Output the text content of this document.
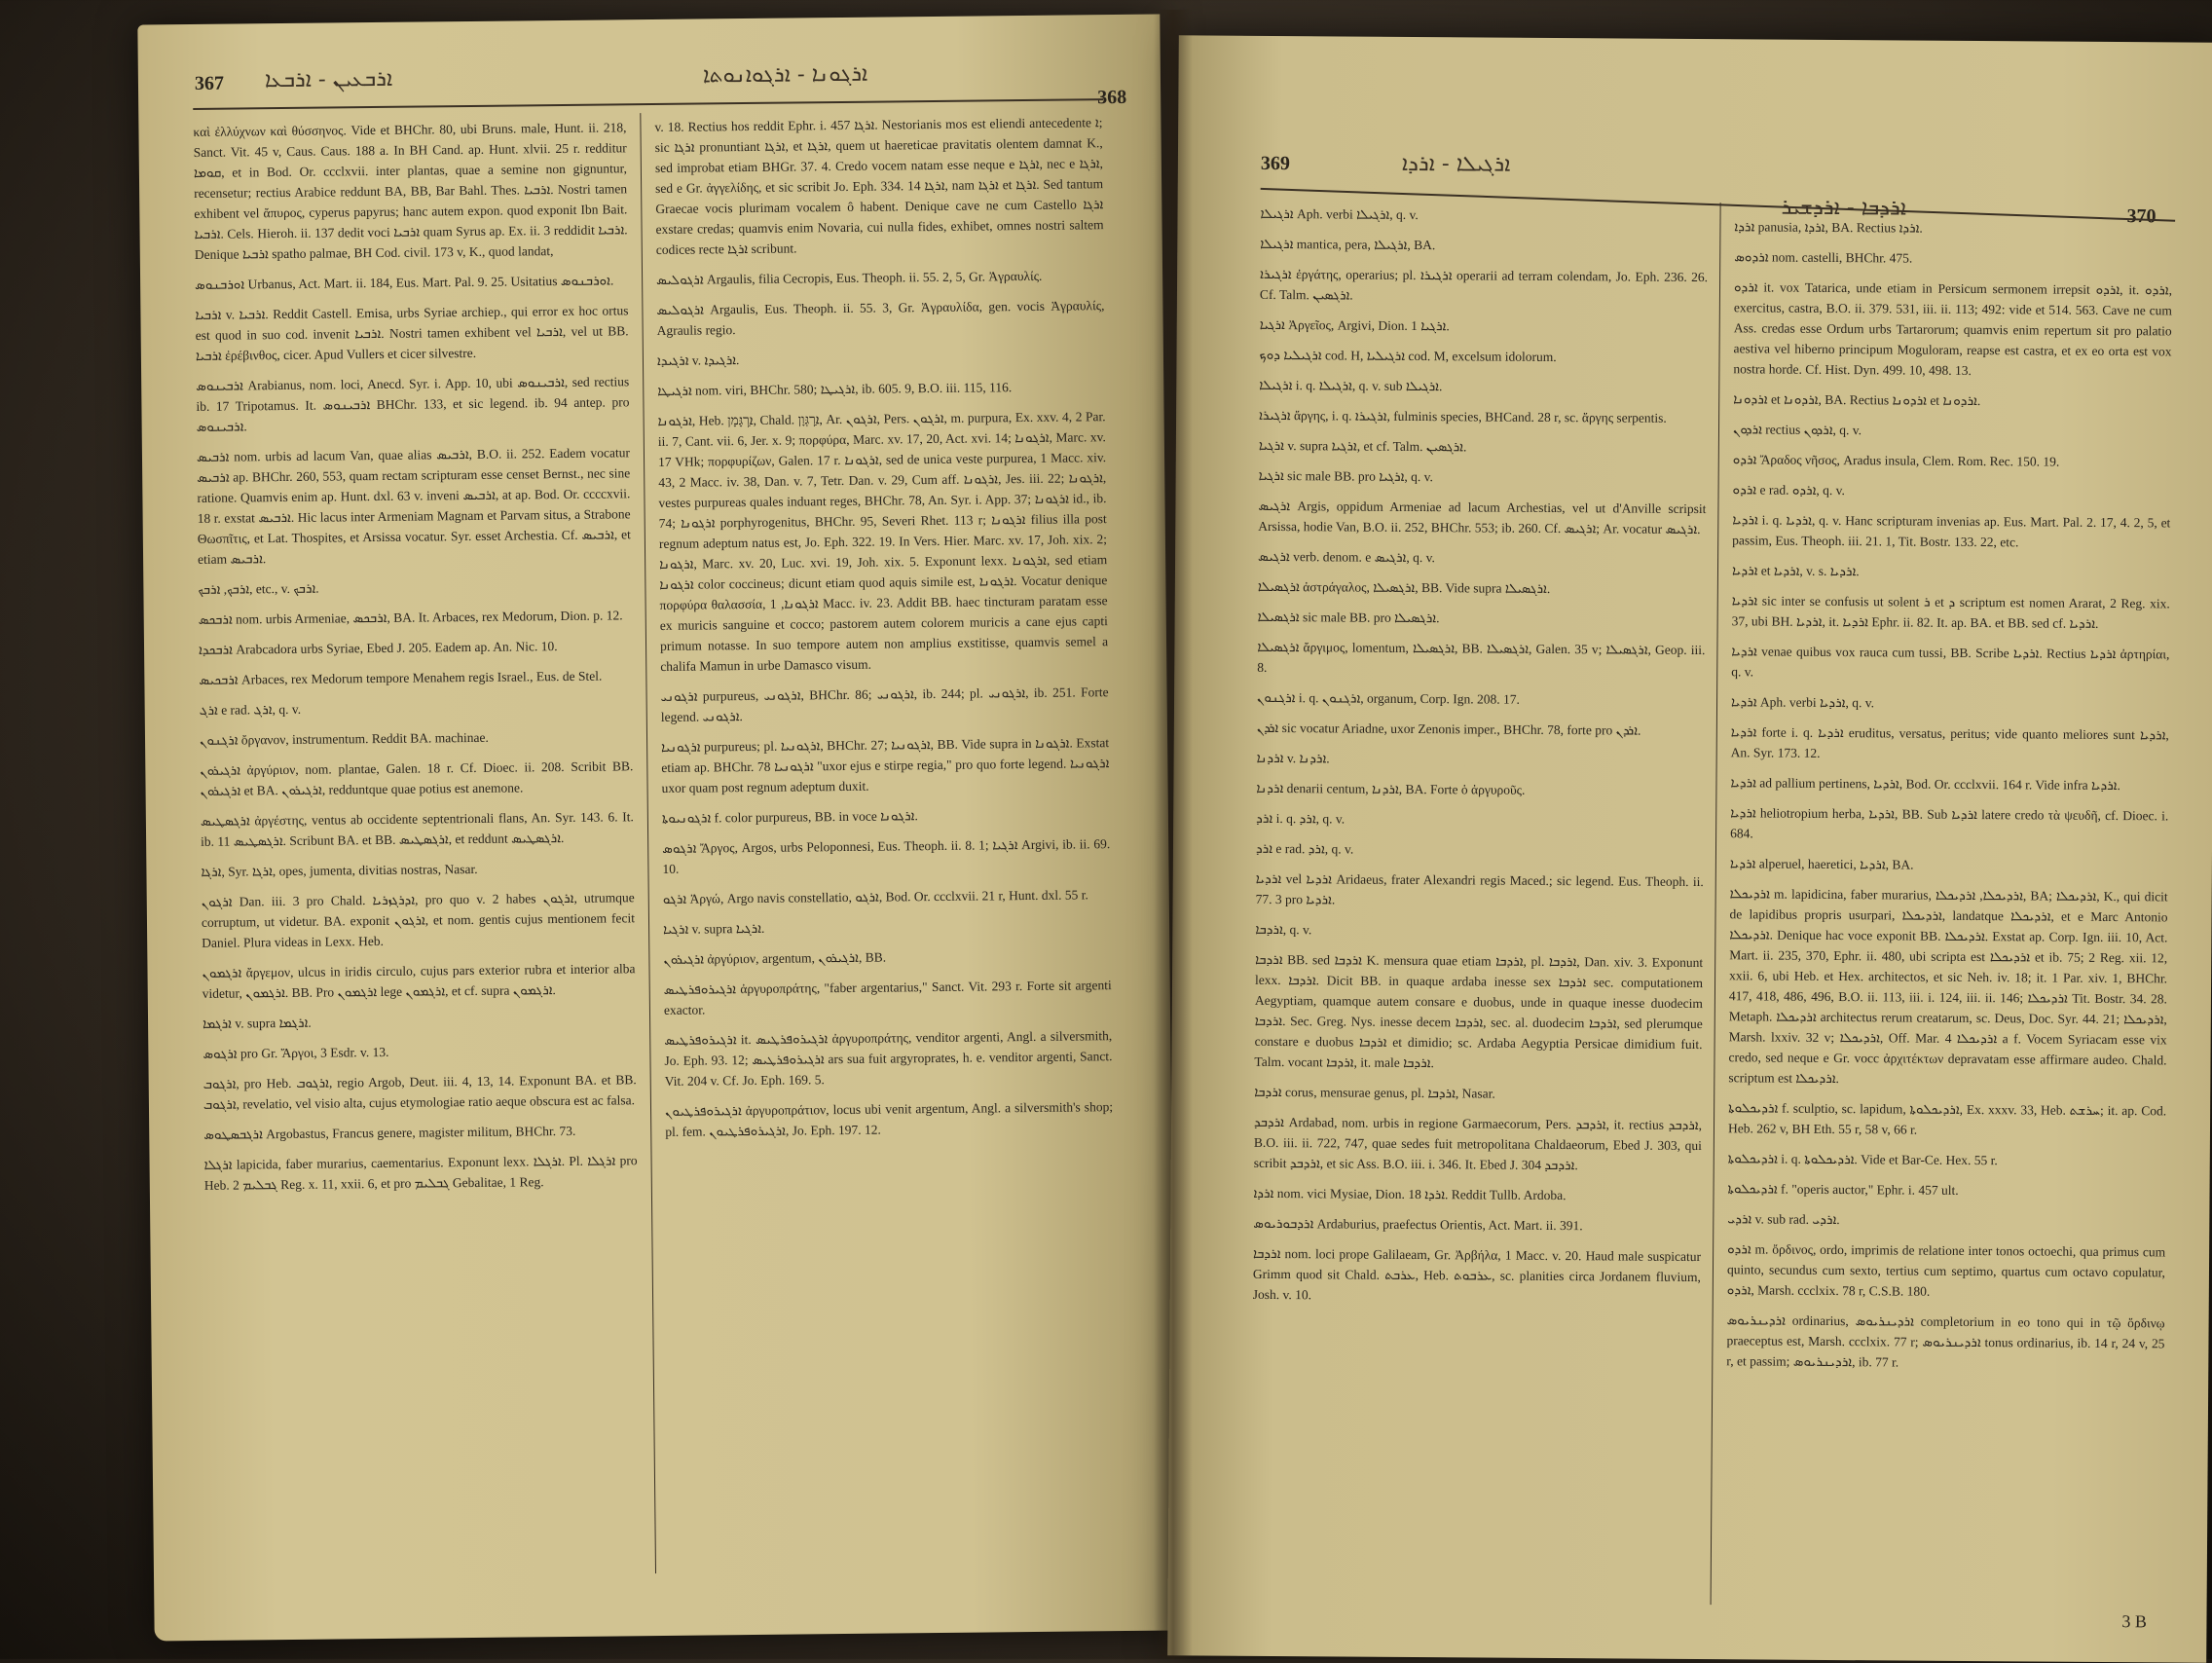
367 ܐܪܒܥܝܢ - ܐܪܒܥܐ	ܐܪܓܘܢܐ - ܐܪܓܘܐܢܘܬܐ
368

καὶ ἐλλύχνων καὶ θύσσηνος. Vide et BHChr. 80, ubi Bruns. male, Hunt. ii. 218, Sanct. Vit. 45 v, Caus. Caus. 188 a. In BH Cand. ap. Hunt. xlvii. 25 r. redditur ܩܘܡܐ, et in Bod. Or. ccclxvii. inter plantas, quae a semine non gignuntur, recensetur; rectius Arabice reddunt BA, BB, Bar Bahl. Thes. ܐܪܒܝܐ. Nostri tamen exhibent vel ἄπυρος, cyperus papyrus; hanc autem expon. quod exponit Ibn Bait. ܐܪܒܝܐ. Cels. Hieroh. ii. 137 dedit voci ܐܪܒܝܐ quam Syrus ap. Ex. ii. 3 reddidit ܐܪܒܝܐ. Denique ܐܪܒܝܐ spatho palmae, BH Cod. civil. 173 v, K., quod landat,

ܐܘܪܒܢܘܣ Urbanus, Act. Mart. ii. 184, Eus. Mart. Pal. 9. 25. Usitatius ܐܘܪܒܢܘܣ.

ܐܪܒܝܐ v. ܐܪܒܝܐ. Reddit Castell. Emisa, urbs Syriae archiep., qui error ex hoc ortus est quod in suo cod. invenit ܐܪܒܝܐ. Nostri tamen exhibent vel ܐܪܒܝܐ, vel ut BB. ܐܪܒܝܐ ἐρέβινθος, cicer. Apud Vullers et cicer silvestre.

ܐܪܒܝܢܘܣ Arabianus, nom. loci, Anecd. Syr. i. App. 10, ubi ܐܪܒܝܢܘܣ, sed rectius ib. 17 Tripotamus. It. ܐܪܒܝܢܘܣ BHChr. 133, et sic legend. ib. 94 antep. pro ܐܪܒܝܢܘܣ.

ܐܪܒܝܣ nom. urbis ad lacum Van, quae alias ܐܪܒܝܣ, B.O. ii. 252. Eadem vocatur ܐܪܒܝܣ ap. BHChr. 260, 553, quam rectam scripturam esse censet Bernst., nec sine ratione. Quamvis enim ap. Hunt. dxl. 63 v. inveni ܐܪܒܝܣ, at ap. Bod. Or. ccccxvii. 18 r. exstat ܐܪܒܝܣ. Hic lacus inter Armeniam Magnam et Parvam situs, a Strabone Θωσπῖτις, et Lat. Thospites, et Arsissa vocatur. Syr. esset Archestia. Cf. ܐܪܒܝܣ, et etiam ܐܪܒܝܣ.

ܐܪܒܟ, ܐܪܒܟ, etc., v. ܐܪܒܟ.

ܐܪܒܟܣ nom. urbis Armeniae, ܐܪܒܟܣ, BA. It. Arbaces, rex Medorum, Dion. p. 12.

ܐܪܒܟܕܐ Arabcadora urbs Syriae, Ebed J. 205. Eadem ap. An. Nic. 10.

ܐܪܒܟܝܣ Arbaces, rex Medorum tempore Menahem regis Israel., Eus. de Stel.

ܐܪܓ e rad. ܐܪܓ, q. v.

ܐܪܓܢܘܢ ὄργανον, instrumentum. Reddit BA. machinae.

ܐܪܓܝܪܘܢ ἀργύριον, nom. plantae, Galen. 18 r. Cf. Dioec. ii. 208. Scribit BB. ܐܪܓܝܪܘܢ et BA. ܐܪܓܝܪܘܢ, redduntque quae potius est anemone.

ܐܪܓܣܛܝܣ ἀργέστης, ventus ab occidente septentrionali flans, An. Syr. 143. 6. It. ib. 11 ܐܪܓܣܛܝܣ. Scribunt BA. et BB. ܐܪܓܣܛܝܣ, et reddunt ܐܪܓܣܛܝܣ.

ܐܪܓܐ, Syr. ܐܪܓܐ, opes, jumenta, divitias nostras, Nasar.

ܐܪܓܘܢ Dan. iii. 3 pro Chald. ܐܕܪܓܙܪܝܐ, pro quo v. 2 habes ܐܪܓܘܢ, utrumque corruptum, ut videtur. BA. exponit ܐܪܓܘܢ, et nom. gentis cujus mentionem fecit Daniel. Plura videas in Lexx. Heb.

ܐܪܓܡܘܢ ἄργεμον, ulcus in iridis circulo, cujus pars exterior rubra et interior alba videtur, ܐܪܓܡܘܢ. BB. Pro ܐܪܓܡܘܢ lege ܐܪܓܡܘܢ, et cf. supra ܐܪܓܡܘܢ.

ܐܪܓܡܐ v. supra ܐܪܓܡܐ.

ܐܪܓܘܣ pro Gr. Ἄργοι, 3 Esdr. v. 13.

ܐܪܓܘܒ, pro Heb. ܐܪܓܘܒ, regio Argob, Deut. iii. 4, 13, 14. Exponunt BA. et BB. ܐܪܓܘܒ, revelatio, vel visio alta, cujus etymologiae ratio aeque obscura est ac falsa.

ܐܪܓܒܣܛܘܣ Argobastus, Francus genere, magister militum, BHChr. 73.

ܐܪܓܠܐ lapicida, faber murarius, caementarius. Exponunt lexx. ܐܪܓܠܐ. Pl. ܐܪܓܠܐ pro Heb. ܓܒܠܝܡ 2 Reg. x. 11, xxii. 6, et pro ܓܒܠܝܡ Gebalitae, 1 Reg.

v. 18. Rectius hos reddit Ephr. i. 457 ܐܪܓܐ. Nestorianis mos est eliendi antecedente ܐ; sic ܐܪܓܐ pronuntiant ܐܪܓܐ, et ܐܪܓܐ, quem ut haereticae pravitatis olentem damnat K., sed improbat etiam BHGr. 37. 4. Credo vocem natam esse neque e ܐܪܓܐ, nec e ܐܪܓܐ, sed e Gr. ἀγγελίδης, et sic scribit Jo. Eph. 334. 14 ܐܪܓܐ, nam ܐܪܓܐ et ܐܪܓܐ. Sed tantum Graecae vocis plurimam vocalem ô habent. Denique cave ne cum Castello ܐܪܓܐ exstare credas; quamvis enim Novaria, cui nulla fides, exhibet, omnes nostri saltem codices recte ܐܪܓܐ scribunt.

ܐܪܓܘܠܝܣ Argaulis, filia Cecropis, Eus. Theoph. ii. 55. 2, 5, Gr. Ἀγραυλίς.

ܐܪܓܘܠܝܣ Argaulis, Eus. Theoph. ii. 55. 3, Gr. Ἀγραυλίδα, gen. vocis Ἀγραυλίς, Agraulis regio.

ܐܪܓܝܕܐ v. ܐܪܓܝܕܐ.

ܐܪܓܝܛܐ nom. viri, BHChr. 580; ܐܪܓܝܛܐ, ib. 605. 9, B.O. iii. 115, 116.

ܐܪܓܘܢܐ, Heb. ܐַרְגָּמָן, Chald. ܐַרְגְּוָן, Ar. ܐܪܓܘܢ, Pers. ܐܪܓܘܢ, m. purpura, Ex. xxv. 4, 2 Par. ii. 7, Cant. vii. 6, Jer. x. 9; πορφύρα, Marc. xv. 17, 20, Act. xvi. 14; ܐܪܓܘܢܐ, Marc. xv. 17 VHk; πορφυρίζων, Galen. 17 r. ܐܪܓܘܢܐ, sed de unica veste purpurea, 1 Macc. xiv. 43, 2 Macc. iv. 38, Dan. v. 7, Tetr. Dan. v. 29, Cum aff. ܐܪܓܘܢܐ, Jes. iii. 22; ܐܪܓܘܢܐ, vestes purpureas quales induant reges, BHChr. 78, An. Syr. i. App. 37; ܐܪܓܘܢܐ id., ib. 74; ܐܪܓܘܢܐ porphyrogenitus, BHChr. 95, Severi Rhet. 113 r; ܐܪܓܘܢܐ filius illa post regnum adeptum natus est, Jo. Eph. 322. 19. In Vers. Hier. Marc. xv. 17, Joh. xix. 2; ܐܪܓܘܢܐ, Marc. xv. 20, Luc. xvi. 19, Joh. xix. 5. Exponunt lexx. ܐܪܓܘܢܐ, sed etiam ܐܪܓܘܢܐ color coccineus; dicunt etiam quod aquis simile est, ܐܪܓܘܢܐ. Vocatur denique πορφύρα θαλασσία, ܐܪܓܘܢܐ, 1 Macc. iv. 23. Addit BB. haec tincturam paratam esse ex muricis sanguine et cocco; pastorem autem colorem muricis a cane ejus capti primum notasse. In suo tempore autem non amplius exstitisse, quamvis semel a chalifa Mamun in urbe Damasco visum.

ܐܪܓܘܢܝ purpureus, ܐܪܓܘܢܝ, BHChr. 86; ܐܪܓܘܢܝ, ib. 244; pl. ܐܪܓܘܢܝ, ib. 251. Forte legend. ܐܪܓܘܢܝ.

ܐܪܓܘܢܝܐ purpureus; pl. ܐܪܓܘܢܝܐ, BHChr. 27; ܐܪܓܘܢܝܐ, BB. Vide supra in ܐܪܓܘܢܐ. Exstat etiam ap. BHChr. 78 ܐܪܓܘܢܝܐ "uxor ejus e stirpe regia," pro quo forte legend. ܐܪܓܘܢܝܐ uxor quam post regnum adeptum duxit.

ܐܪܓܘܢܝܘܬܐ f. color purpureus, BB. in voce ܐܪܓܘܢܐ.

ܐܪܓܘܣ Ἄργος, Argos, urbs Peloponnesi, Eus. Theoph. ii. 8. 1; ܐܪܓܝܐ Argivi, ib. ii. 69. 10.

ܐܪܓܘ Ἀργώ, Argo navis constellatio, ܐܪܓܘ, Bod. Or. ccclxvii. 21 r, Hunt. dxl. 55 r.

ܐܪܓܝܐ v. supra ܐܪܓܝܐ.

ܐܪܓܝܪܘܢ ἀργύριον, argentum, ܐܪܓܝܪܘܢ, BB.

ܐܪܓܝܪܘܦܪܛܝܣ ἀργυροπράτης, "faber argentarius," Sanct. Vit. 293 r. Forte sit argenti exactor.

ܐܪܓܝܪܘܦܪܛܝܣ it. ܐܪܓܝܪܘܦܪܛܝܣ ἀργυροπράτης, venditor argenti, Angl. a silversmith, Jo. Eph. 93. 12; ܐܪܓܝܪܘܦܪܛܝܣ ars sua fuit argyroprates, h. e. venditor argenti, Sanct. Vit. 204 v. Cf. Jo. Eph. 169. 5.

ܐܪܓܝܪܘܦܪܛܝܘܢ ἀργυροπράτιον, locus ubi venit argentum, Angl. a silversmith's shop; pl. fem. ܐܪܓܝܪܘܦܪܛܝܘܢ, Jo. Eph. 197. 12.

369	ܐܪܓܝܠܐ - ܐܪܕܐ
ܐܪܕܒܐ - ܐܪܕܫܝܪ	370

ܐܪܓܝܠܐ Aph. verbi ܐܪܓܝܠܐ, q. v.

ܐܪܓܝܠܐ mantica, pera, ܐܪܓܝܠܐ, BA.

ܐܪܓܝܪܐ ἐργάτης, operarius; pl. ܐܪܓܝܪܐ operarii ad terram colendam, Jo. Eph. 236. 26. Cf. Talm. ܐܪܓܣܝܢ.

ܐܪܓܝܐ Ἀργεῖος, Argivi, Dion. ܐܪܓܝܐ 1.

ܐܪܓܝܠܝܐ ܕܘܟ cod. H, ܐܪܓܝܠܝܐ cod. M, excelsum idolorum.

ܐܪܓܝܠܐ i. q. ܐܪܓܝܠܐ, q. v. sub ܐܪܓܝܠܐ.

ܐܪܓܝܪܐ ἄργης, i. q. ܐܪܓܝܪܐ, fulminis species, BHCand. 28 r, sc. ἄργης serpentis.

ܐܪܓܝܐ v. supra ܐܪܓܝܐ, et cf. Talm. ܐܪܓܣܝܢ.

ܐܪܓܝܐ sic male BB. pro ܐܪܓܝܐ, q. v.

ܐܪܓܝܣ Argis, oppidum Armeniae ad lacum Archestias, vel ut d'Anville scripsit Arsissa, hodie Van, B.O. ii. 252, BHChr. 553; ib. 260. Cf. ܐܪܓܝܣ; Ar. vocatur ܐܪܓܝܣ.

ܐܪܓܝܣ verb. denom. e ܐܪܓܝܣ, q. v.

ܐܪܓܣܝܠܐ ἀστράγαλος, ܐܪܓܣܝܠܐ, BB. Vide supra ܐܪܓܣܝܠܐ.

ܐܪܓܣܝܠܐ sic male BB. pro ܐܪܓܣܝܠܐ.

ܐܪܓܣܝܠܐ ἄργιμος, lomentum, ܐܪܓܣܝܠܐ, BB. ܐܪܓܣܝܠܐ, Galen. 35 v; ܐܪܓܣܝܠܐ, Geop. iii. 8.

ܐܪܓܢܘܢ i. q. ܐܪܓܢܘܢ, organum, Corp. Ign. 208. 17.

ܐܪܕܢ sic vocatur Ariadne, uxor Zenonis imper., BHChr. 78, forte pro ܐܪܕܢ.

ܐܪܕܢܐ v. ܐܪܕܢܐ.

ܐܪܕܢܐ denarii centum, ܐܪܕܢܐ, BA. Forte ὁ ἀργυροῦς.

ܐܪܕ i. q. ܐܪܕ, q. v.

ܐܪܕ e rad. ܐܪܕ, q. v.

ܐܪܕܝܐ vel ܐܪܕܝܐ Aridaeus, frater Alexandri regis Maced.; sic legend. Eus. Theoph. ii. 77. 3 pro ܐܪܕܝܐ.

ܐܪܕܒܐ, q. v.

ܐܪܕܒܐ BB. sed ܐܪܕܒܐ K. mensura quae etiam ܐܪܕܒܐ, pl. ܐܪܕܒܐ, Dan. xiv. 3. Exponunt lexx. ܐܪܕܒܐ. Dicit BB. in quaque ardaba inesse sex ܐܪܕܒܐ sec. computationem Aegyptiam, quamque autem consare e duobus, unde in quaque inesse duodecim ܐܪܕܒܐ. Sec. Greg. Nys. inesse decem ܐܪܕܒܐ, sec. al. duodecim ܐܪܕܒܐ, sed plerumque constare e duobus ܐܪܕܒܐ et dimidio; sc. Ardaba Aegyptia Persicae dimidium fuit. Talm. vocant ܐܪܕܒܐ, it. male ܐܪܕܒܐ.

ܐܪܕܒܐ corus, mensurae genus, pl. ܐܪܕܒܐ, Nasar.

ܐܪܕܒܕ Ardabad, nom. urbis in regione Garmaecorum, Pers. ܐܪܕܒܕ, it. rectius ܐܪܕܒܕ, B.O. iii. ii. 722, 747, quae sedes fuit metropolitana Chaldaeorum, Ebed J. 303, qui scribit ܐܪܕܒܕ, et sic Ass. B.O. iii. i. 346. It. Ebed J. 304 ܐܪܕܒܕ.

ܐܪܕܐ nom. vici Mysiae, Dion. ܐܪܕܐ 18. Reddit Tullb. Ardoba.

ܐܪܕܒܘܪܝܘܣ Ardaburius, praefectus Orientis, Act. Mart. ii. 391.

ܐܪܕܒܐ nom. loci prope Galilaeam, Gr. Ἀρβήλα, 1 Macc. v. 20. Haud male suspicatur Grimm quod sit Chald. ܥܪܒܬ, Heb. ܥܪܒܘܬ, sc. planities circa Jordanem fluvium, Josh. v. 10.

ܐܪܕܐ panusia, ܐܪܕܐ, BA. Rectius ܐܪܕܐ.

ܐܪܕܘܣ nom. castelli, BHChr. 475.

ܐܪܕܘ it. vox Tatarica, unde etiam in Persicum sermonem irrepsit ܐܪܕܘ, it. ܐܪܕܘ, exercitus, castra, B.O. ii. 379. 531, iii. ii. 113; 492: vide et 514. 563. Cave ne cum Ass. credas esse Ordum urbs Tartarorum; quamvis enim repertum sit pro palatio aestiva vel hiberno principum Moguloram, reapse est castra, et ex eo orta est vox nostra horde. Cf. Hist. Dyn. 499. 10, 498. 13.

ܐܪܕܘܢܐ et ܐܪܕܘܢܐ, BA. Rectius ܐܪܕܘܢܐ et ܐܪܕܘܢܐ.

ܐܪܕܘܢ rectius ܐܪܕܘܢ, q. v.

ܐܪܕܘ Ἄραδος νῆσος, Aradus insula, Clem. Rom. Rec. 150. 19.

ܐܪܕܘ e rad. ܐܪܕܘ, q. v.

ܐܪܕܝܐ i. q. ܐܪܕܝܐ, q. v. Hanc scripturam invenias ap. Eus. Mart. Pal. 2. 17, 4. 2, 5, et passim, Eus. Theoph. iii. 21. 1, Tit. Bostr. 133. 22, etc.

ܐܪܕܝܐ et ܐܪܕܝܐ, v. s. ܐܪܕܝܐ.

ܐܪܕܝܐ sic inter se confusis ut solent ܪ et ܕ scriptum est nomen Ararat, 2 Reg. xix. 37, ubi BH. ܐܪܕܝܐ, it. ܐܪܕܝܐ Ephr. ii. 82. It. ap. BA. et BB. sed cf. ܐܪܕܝܐ.

ܐܪܕܝܐ venae quibus vox rauca cum tussi, BB. Scribe ܐܪܕܝܐ. Rectius ܐܪܕܝܐ ἀρτηρίαι, q. v.

ܐܪܕܝܐ Aph. verbi ܐܪܕܝܐ, q. v.

ܐܪܕܝܐ forte i. q. ܐܪܕܝܐ eruditus, versatus, peritus; vide quanto meliores sunt ܐܪܕܝܐ, An. Syr. 173. 12.

ܐܪܕܝܐ ad pallium pertinens, ܐܪܕܝܐ, Bod. Or. ccclxvii. 164 r. Vide infra ܐܪܕܝܐ.

ܐܪܕܝܐ heliotropium herba, ܐܪܕܝܐ, BB. Sub ܐܪܕܝܐ latere credo τὰ ψευδῆ, cf. Dioec. i. 684.

ܐܪܕܝܐ alperuel, haeretici, ܐܪܕܝܐ, BA.

ܐܪܕܝܟܠܐ m. lapidicina, faber murarius, ܐܪܕܝܟܠܐ, ܐܪܕܝܟܠܐ, BA; ܐܪܕܝܟܠܐ, K., qui dicit de lapidibus propris usurpari, ܐܪܕܝܟܠܐ, landatque ܐܪܕܝܟܠܐ, et e Marc Antonio ܐܪܕܝܟܠܐ. Denique hac voce exponit BB. ܐܪܕܝܟܠܐ. Exstat ap. Corp. Ign. iii. 10, Act. Mart. ii. 235, 370, Ephr. ii. 480, ubi scripta est ܐܪܕܝܟܠܐ et ib. 75; 2 Reg. xii. 12, xxii. 6, ubi Heb. et Hex. architectos, et sic Neh. iv. 18; it. 1 Par. xiv. 1, BHChr. 417, 418, 486, 496, B.O. ii. 113, iii. i. 124, iii. ii. 146; ܐܪܕܝܟܠܐ Tit. Bostr. 34. 28. Metaph. ܐܪܕܝܟܠܐ architectus rerum creatarum, sc. Deus, Doc. Syr. 44. 21; ܐܪܕܝܟܠܐ, Marsh. lxxiv. 32 v; ܐܪܕܝܟܠܐ, Off. Mar. ܐܪܕܝܟܠܐ 4 a f. Vocem Syriacam esse vix credo, sed neque e Gr. vocc ἀρχιτέκτων depravatam esse affirmare audeo. Chald. scriptum est ܐܪܕܝܟܠܐ.

ܐܪܕܝܟܠܘܬܐ f. sculptio, sc. lapidum, ܐܪܕܝܟܠܘܬܐ, Ex. xxxv. 33, Heb. ܚܪܫܬ; it. ap. Cod. Heb. 262 v, BH Eth. 55 r, 58 v, 66 r.

ܐܪܕܝܟܠܘܬܐ i. q. ܐܪܕܝܟܠܘܬܐ. Vide et Bar-Ce. Hex. 55 r.

ܐܪܕܝܟܠܘܬܐ f. "operis auctor," Ephr. i. 457 ult.

ܐܪܕܝ v. sub rad. ܐܪܕܝ.

ܐܪܕܘ m. ὄρδινος, ordo, imprimis de relatione inter tonos octoechi, qua primus cum quinto, secundus cum sexto, tertius cum septimo, quartus cum octavo copulatur, ܐܪܕܘ, Marsh. ccclxix. 78 r, C.S.B. 180.

ܐܪܕܝܢܪܝܘܣ ordinarius, ܐܪܕܝܢܪܝܘܣ completorium in eo tono qui in τῷ ὄρδινῳ praeceptus est, Marsh. ccclxix. 77 r; ܐܪܕܝܢܪܝܘܣ tonus ordinarius, ib. 14 r, 24 v, 25 r, et passim; ܐܪܕܝܢܪܝܘܣ, ib. 77 r.

3 B
